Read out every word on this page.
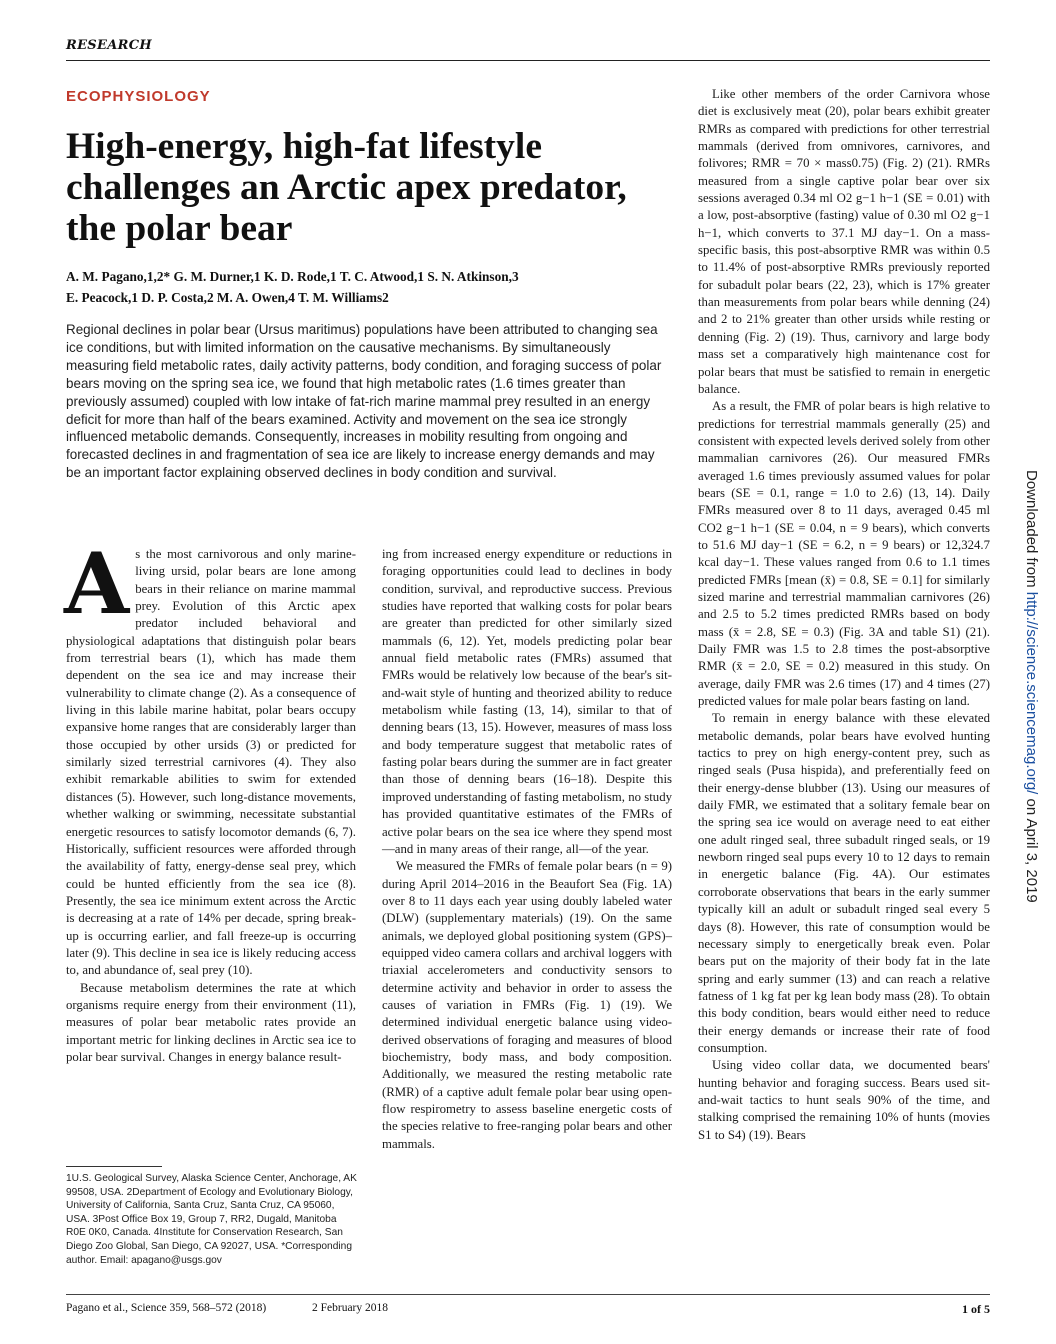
RESEARCH
ECOPHYSIOLOGY
High-energy, high-fat lifestyle challenges an Arctic apex predator, the polar bear
A. M. Pagano,1,2* G. M. Durner,1 K. D. Rode,1 T. C. Atwood,1 S. N. Atkinson,3
E. Peacock,1 D. P. Costa,2 M. A. Owen,4 T. M. Williams2
Regional declines in polar bear (Ursus maritimus) populations have been attributed to changing sea ice conditions, but with limited information on the causative mechanisms. By simultaneously measuring field metabolic rates, daily activity patterns, body condition, and foraging success of polar bears moving on the spring sea ice, we found that high metabolic rates (1.6 times greater than previously assumed) coupled with low intake of fat-rich marine mammal prey resulted in an energy deficit for more than half of the bears examined. Activity and movement on the sea ice strongly influenced metabolic demands. Consequently, increases in mobility resulting from ongoing and forecasted declines in and fragmentation of sea ice are likely to increase energy demands and may be an important factor explaining observed declines in body condition and survival.
A s the most carnivorous and only marine-living ursid, polar bears are lone among bears in their reliance on marine mammal prey. Evolution of this Arctic apex predator included behavioral and physiological adaptations that distinguish polar bears from terrestrial bears (1), which has made them dependent on the sea ice and may increase their vulnerability to climate change (2). As a consequence of living in this labile marine habitat, polar bears occupy expansive home ranges that are considerably larger than those occupied by other ursids (3) or predicted for similarly sized terrestrial carnivores (4). They also exhibit remarkable abilities to swim for extended distances (5). However, such long-distance movements, whether walking or swimming, necessitate substantial energetic resources to satisfy locomotor demands (6, 7). Historically, sufficient resources were afforded through the availability of fatty, energy-dense seal prey, which could be hunted efficiently from the sea ice (8). Presently, the sea ice minimum extent across the Arctic is decreasing at a rate of 14% per decade, spring break-up is occurring earlier, and fall freeze-up is occurring later (9). This decline in sea ice is likely reducing access to, and abundance of, seal prey (10).

Because metabolism determines the rate at which organisms require energy from their environment (11), measures of polar bear metabolic rates provide an important metric for linking declines in Arctic sea ice to polar bear survival. Changes in energy balance result-

ing from increased energy expenditure or reductions in foraging opportunities could lead to declines in body condition, survival, and reproductive success. Previous studies have reported that walking costs for polar bears are greater than predicted for other similarly sized mammals (6, 12). Yet, models predicting polar bear annual field metabolic rates (FMRs) assumed that FMRs would be relatively low because of the bear's sit-and-wait style of hunting and theorized ability to reduce metabolism while fasting (13, 14), similar to that of denning bears (13, 15). However, measures of mass loss and body temperature suggest that metabolic rates of fasting polar bears during the summer are in fact greater than those of denning bears (16–18). Despite this improved understanding of fasting metabolism, no study has provided quantitative estimates of the FMRs of active polar bears on the sea ice where they spend most—and in many areas of their range, all—of the year.

We measured the FMRs of female polar bears (n = 9) during April 2014–2016 in the Beaufort Sea (Fig. 1A) over 8 to 11 days each year using doubly labeled water (DLW) (supplementary materials) (19). On the same animals, we deployed global positioning system (GPS)–equipped video camera collars and archival loggers with triaxial accelerometers and conductivity sensors to determine activity and behavior in order to assess the causes of variation in FMRs (Fig. 1) (19). We determined individual energetic balance using video-derived observations of foraging and measures of blood biochemistry, body mass, and body composition. Additionally, we measured the resting metabolic rate (RMR) of a captive adult female polar bear using open-flow respirometry to assess baseline energetic costs of the species relative to free-ranging polar bears and other mammals.

Like other members of the order Carnivora whose diet is exclusively meat (20), polar bears exhibit greater RMRs as compared with predictions for other terrestrial mammals (derived from omnivores, carnivores, and folivores; RMR = 70 × mass0.75) (Fig. 2) (21). RMRs measured from a single captive polar bear over six sessions averaged 0.34 ml O2 g−1 h−1 (SE = 0.01) with a low, post-absorptive (fasting) value of 0.30 ml O2 g−1 h−1, which converts to 37.1 MJ day−1. On a mass-specific basis, this post-absorptive RMR was within 0.5 to 11.4% of post-absorptive RMRs previously reported for subadult polar bears (22, 23), which is 17% greater than measurements from polar bears while denning (24) and 2 to 21% greater than other ursids while resting or denning (Fig. 2) (19). Thus, carnivory and large body mass set a comparatively high maintenance cost for polar bears that must be satisfied to remain in energetic balance.

As a result, the FMR of polar bears is high relative to predictions for terrestrial mammals generally (25) and consistent with expected levels derived solely from other mammalian carnivores (26). Our measured FMRs averaged 1.6 times previously assumed values for polar bears (SE = 0.1, range = 1.0 to 2.6) (13, 14). Daily FMRs measured over 8 to 11 days, averaged 0.45 ml CO2 g−1 h−1 (SE = 0.04, n = 9 bears), which converts to 51.6 MJ day−1 (SE = 6.2, n = 9 bears) or 12,324.7 kcal day−1. These values ranged from 0.6 to 1.1 times predicted FMRs [mean (x̄) = 0.8, SE = 0.1] for similarly sized marine and terrestrial mammalian carnivores (26) and 2.5 to 5.2 times predicted RMRs based on body mass (x̄ = 2.8, SE = 0.3) (Fig. 3A and table S1) (21). Daily FMR was 1.5 to 2.8 times the post-absorptive RMR (x̄ = 2.0, SE = 0.2) measured in this study. On average, daily FMR was 2.6 times (17) and 4 times (27) predicted values for male polar bears fasting on land.

To remain in energy balance with these elevated metabolic demands, polar bears have evolved hunting tactics to prey on high energy-content prey, such as ringed seals (Pusa hispida), and preferentially feed on their energy-dense blubber (13). Using our measures of daily FMR, we estimated that a solitary female bear on the spring sea ice would on average need to eat either one adult ringed seal, three subadult ringed seals, or 19 newborn ringed seal pups every 10 to 12 days to remain in energetic balance (Fig. 4A). Our estimates corroborate observations that bears in the early summer typically kill an adult or subadult ringed seal every 5 days (8). However, this rate of consumption would be necessary simply to energetically break even. Polar bears put on the majority of their body fat in the late spring and early summer (13) and can reach a relative fatness of 1 kg fat per kg lean body mass (28). To obtain this body condition, bears would either need to reduce their energy demands or increase their rate of food consumption.

Using video collar data, we documented bears' hunting behavior and foraging success. Bears used sit-and-wait tactics to hunt seals 90% of the time, and stalking comprised the remaining 10% of hunts (movies S1 to S4) (19). Bears

1U.S. Geological Survey, Alaska Science Center, Anchorage, AK 99508, USA. 2Department of Ecology and Evolutionary Biology, University of California, Santa Cruz, Santa Cruz, CA 95060, USA. 3Post Office Box 19, Group 7, RR2, Dugald, Manitoba R0E 0K0, Canada. 4Institute for Conservation Research, San Diego Zoo Global, San Diego, CA 92027, USA. *Corresponding author. Email: apagano@usgs.gov
Pagano et al., Science 359, 568–572 (2018)	2 February 2018	1 of 5
Downloaded from http://science.sciencemag.org/ on April 3, 2019
